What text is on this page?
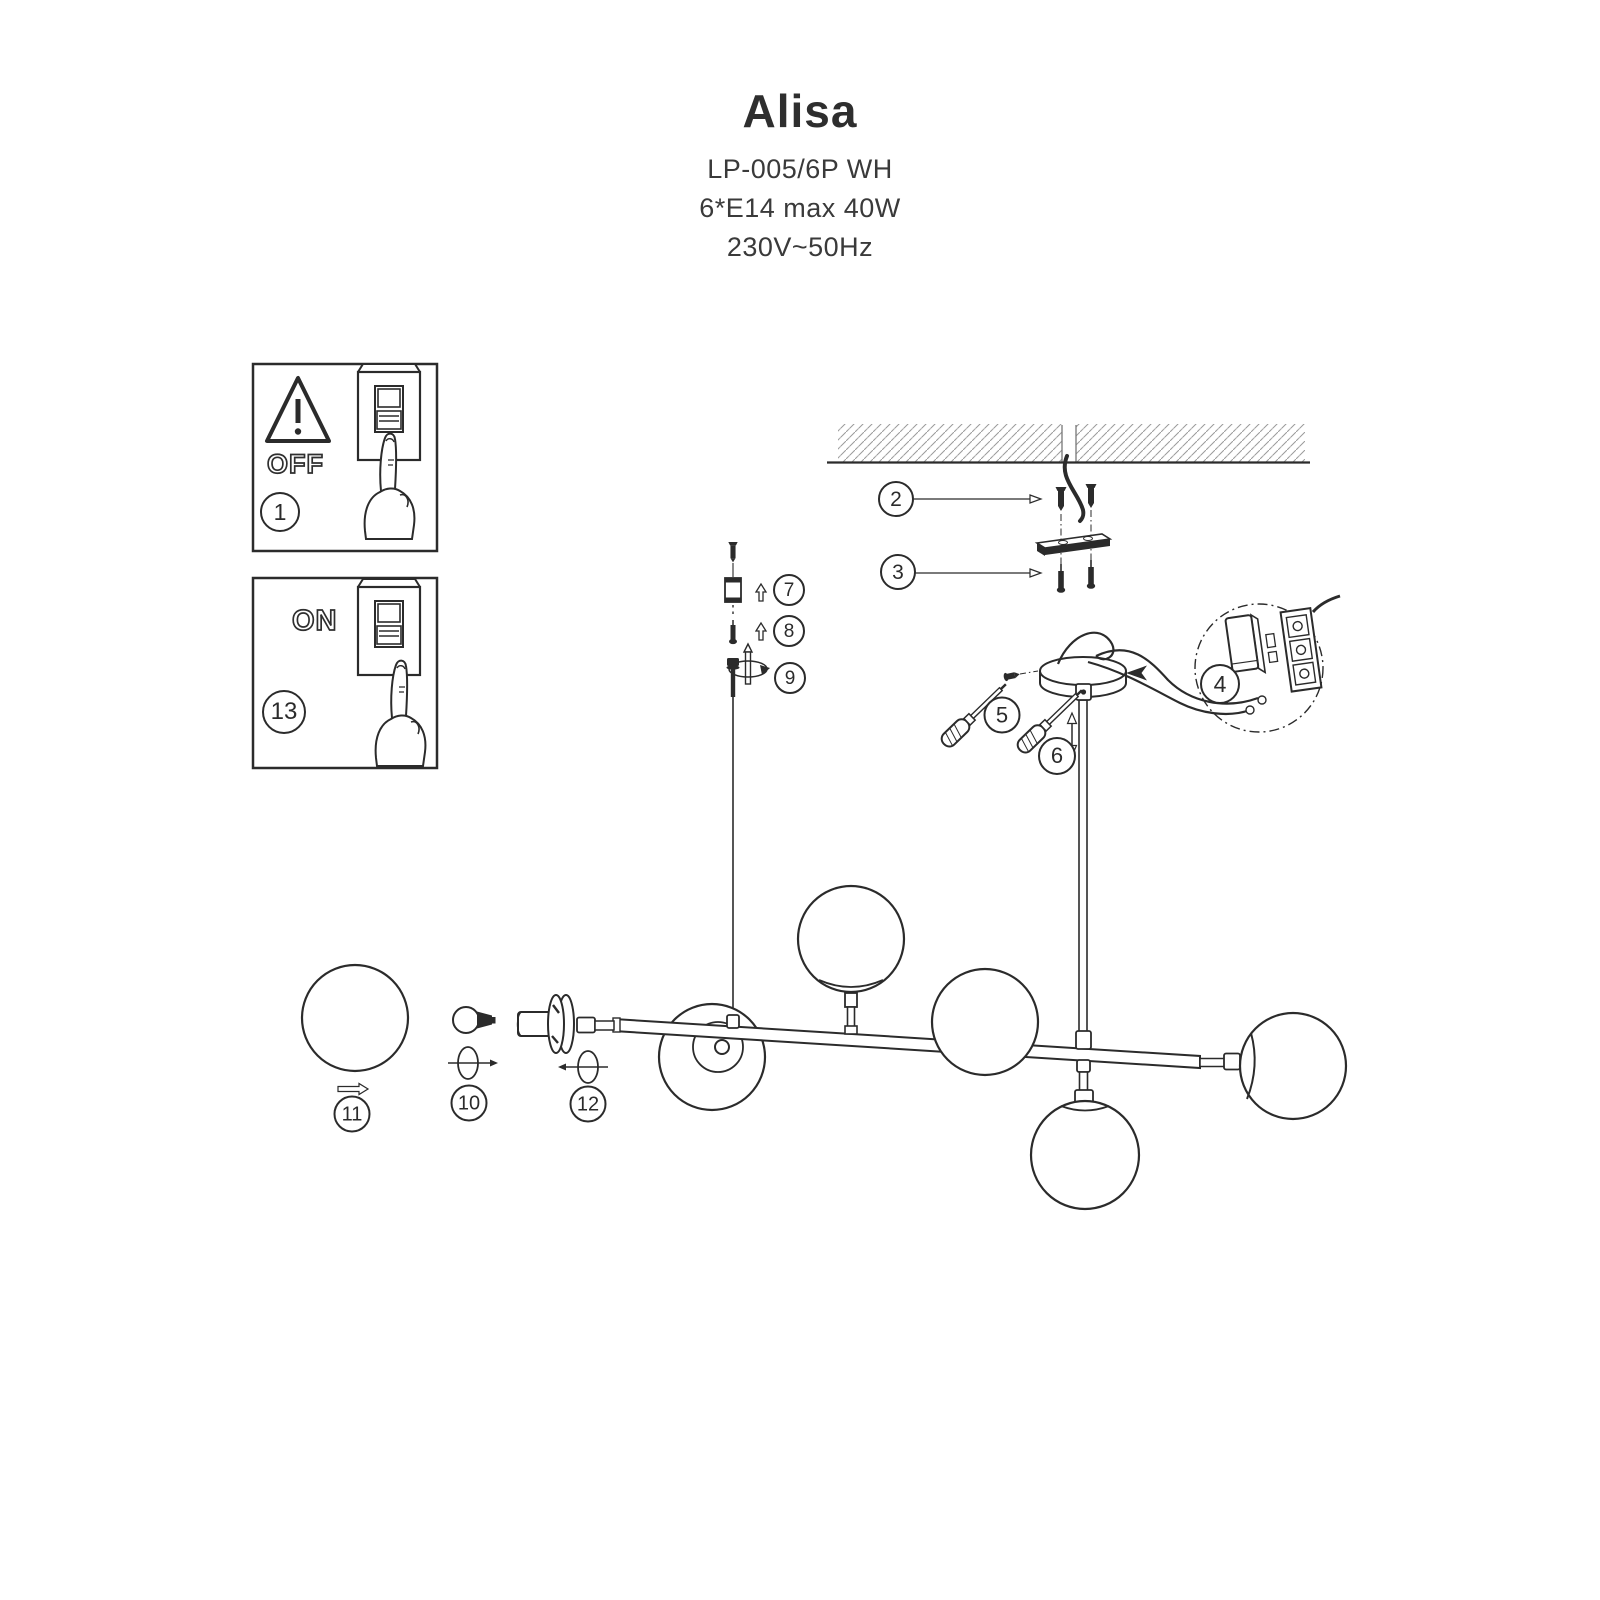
Alisa
LP-005/6P WH
6*E14 max 40W
230V~50Hz
OFF
ON
1
13
2
3
4
5
6
7
8
9
10
11	12
